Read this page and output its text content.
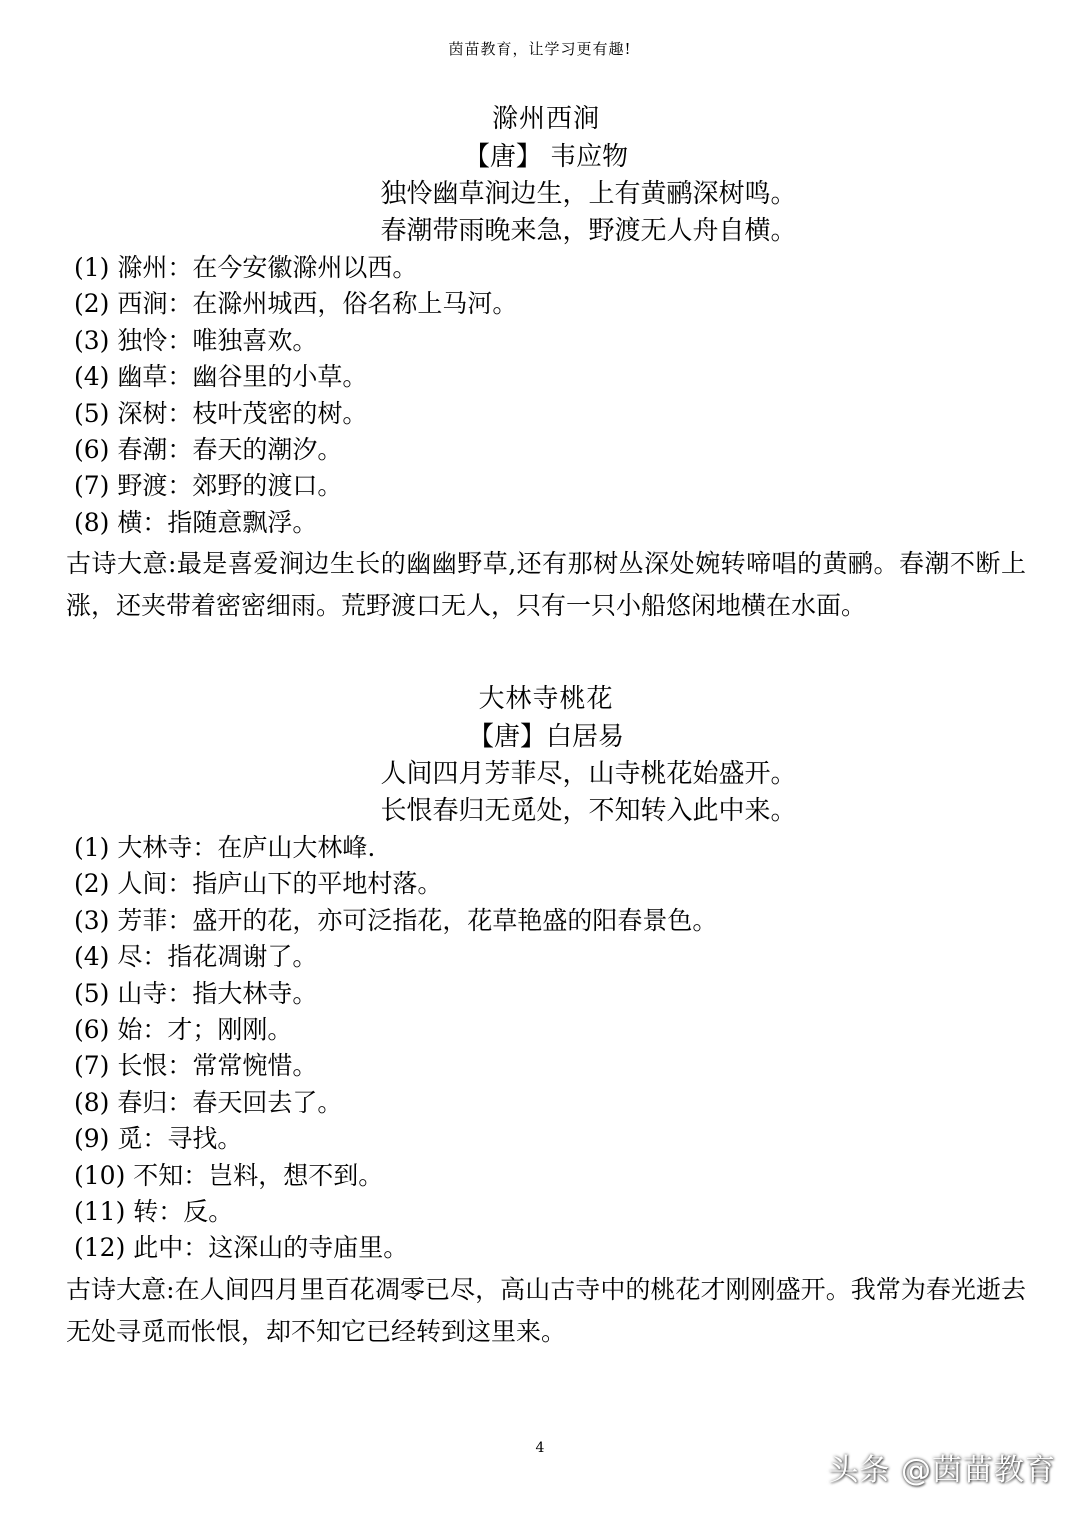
茵苗教育，让学习更有趣!
滁州西涧
【唐】 韦应物
独怜幽草涧边生，上有黄鹂深树鸣。
春潮带雨晚来急，野渡无人舟自横。
(1) 滁州：在今安徽滁州以西。
(2) 西涧：在滁州城西，俗名称上马河。
(3) 独怜：唯独喜欢。
(4) 幽草：幽谷里的小草。
(5) 深树：枝叶茂密的树。
(6) 春潮：春天的潮汐。
(7) 野渡：郊野的渡口。
(8) 横：指随意飘浮。

古诗大意:最是喜爱涧边生长的幽幽野草,还有那树丛深处婉转啼唱的黄鹂。春潮不断上涨，还夹带着密密细雨。荒野渡口无人，只有一只小船悠闲地横在水面。

大林寺桃花
【唐】白居易
人间四月芳菲尽，山寺桃花始盛开。
长恨春归无觅处，不知转入此中来。
(1) 大林寺：在庐山大林峰.
(2) 人间：指庐山下的平地村落。
(3) 芳菲：盛开的花，亦可泛指花，花草艳盛的阳春景色。
(4) 尽：指花凋谢了。
(5) 山寺：指大林寺。
(6) 始：才；刚刚。
(7) 长恨：常常惋惜。
(8) 春归：春天回去了。
(9) 觅：寻找。
(10) 不知：岂料，想不到。
(11) 转：反。
(12) 此中：这深山的寺庙里。

古诗大意:在人间四月里百花凋零已尽，高山古寺中的桃花才刚刚盛开。我常为春光逝去无处寻觅而怅恨，却不知它已经转到这里来。

4
头条 @茵苗教育
